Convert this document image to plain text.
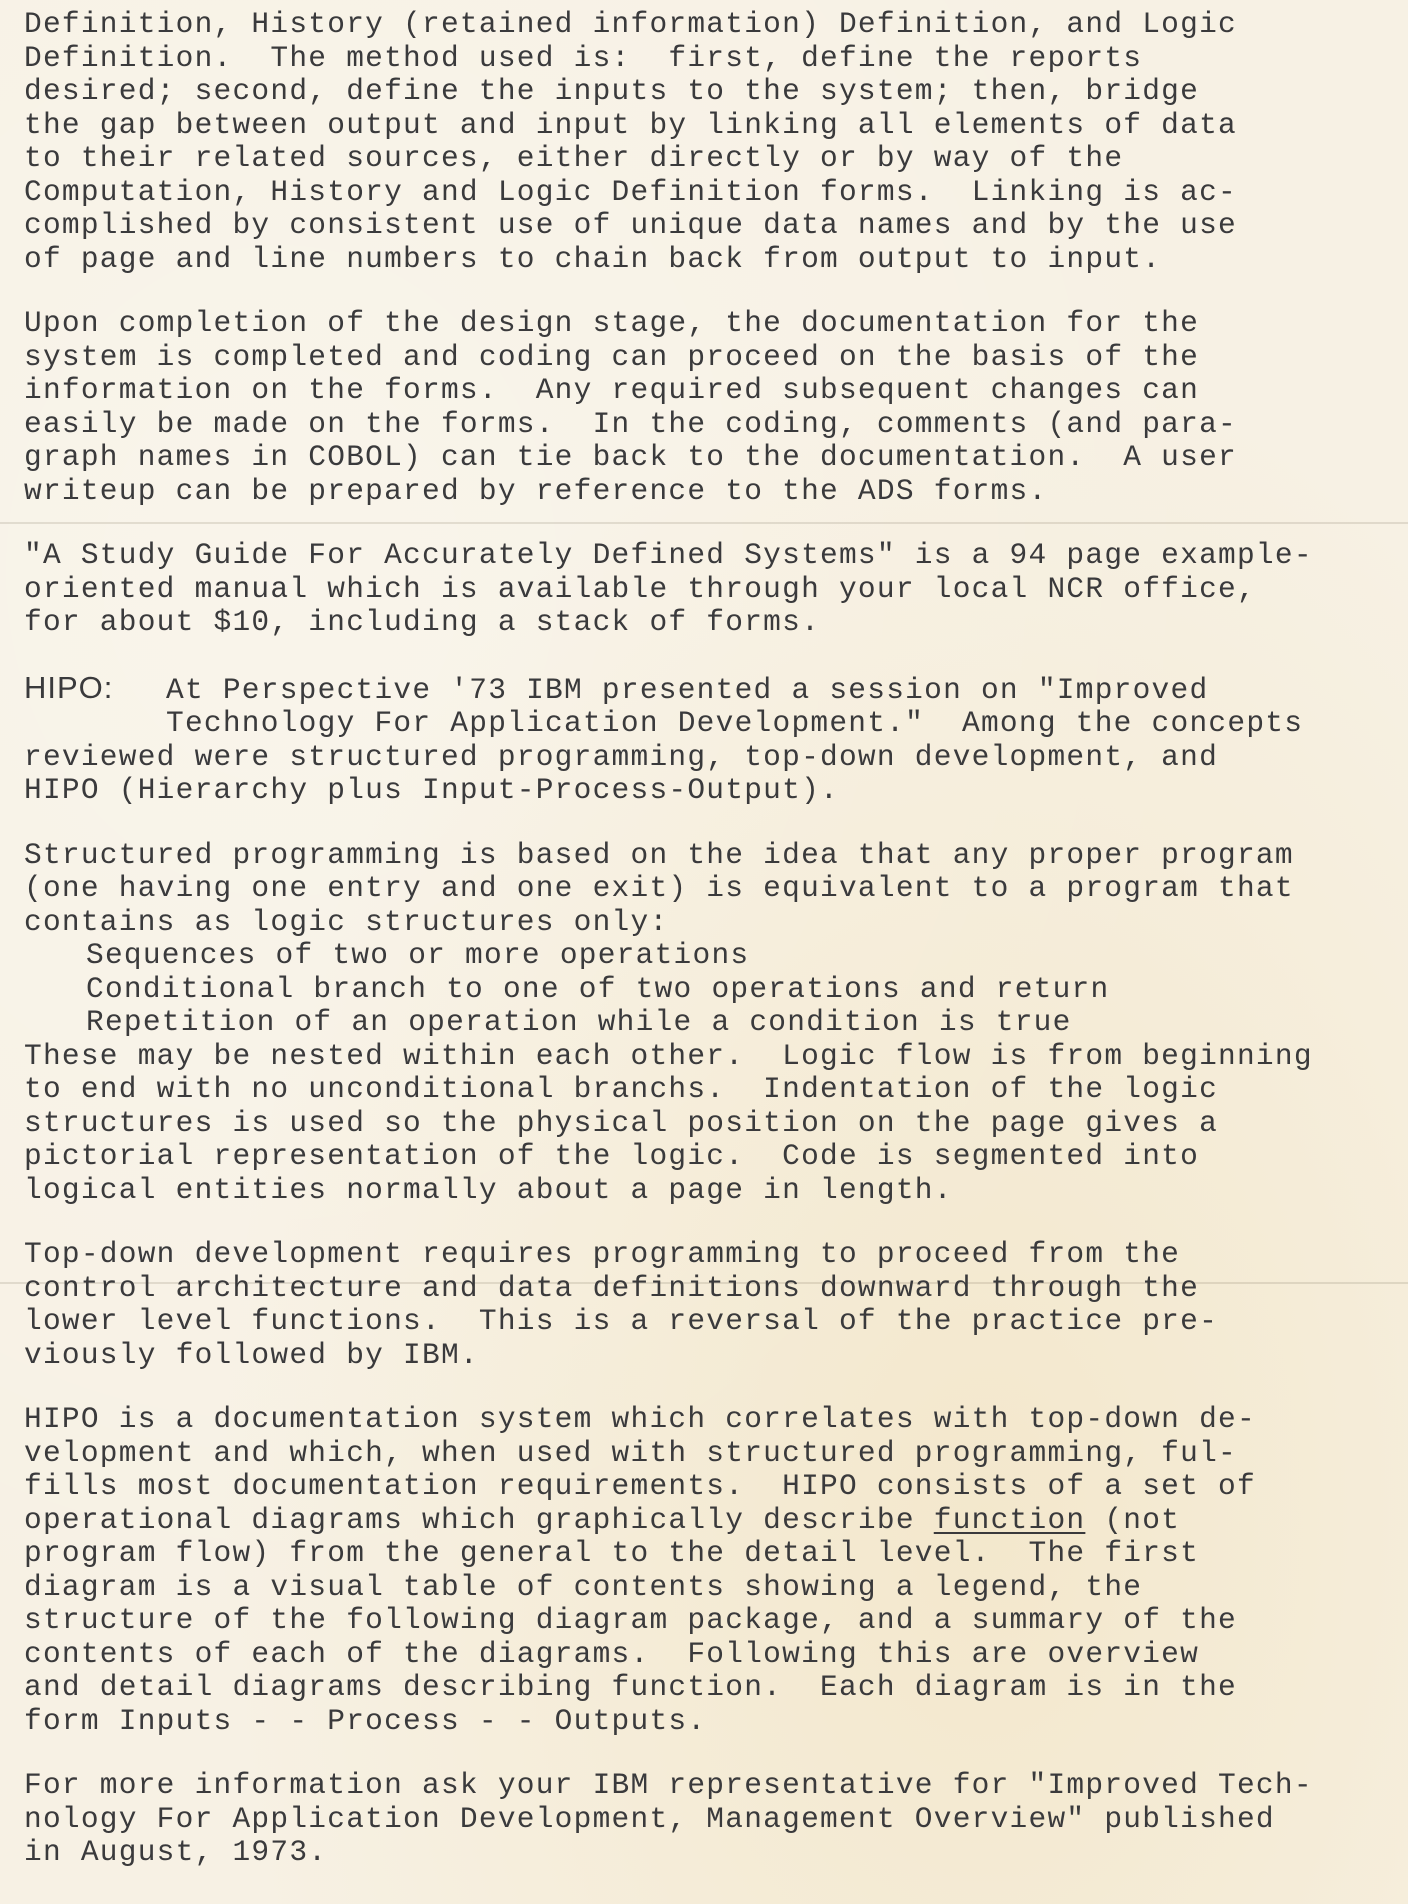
Definition, History (retained information) Definition, and Logic
Definition.  The method used is:  first, define the reports
desired; second, define the inputs to the system; then, bridge
the gap between output and input by linking all elements of data
to their related sources, either directly or by way of the
Computation, History and Logic Definition forms.  Linking is ac-
complished by consistent use of unique data names and by the use
of page and line numbers to chain back from output to input.
Upon completion of the design stage, the documentation for the
system is completed and coding can proceed on the basis of the
information on the forms.  Any required subsequent changes can
easily be made on the forms.  In the coding, comments (and para-
graph names in COBOL) can tie back to the documentation.  A user
writeup can be prepared by reference to the ADS forms.
"A Study Guide For Accurately Defined Systems" is a 94 page example-
oriented manual which is available through your local NCR office,
for about $10, including a stack of forms.
HIPO: At Perspective '73 IBM presented a session on "Improved
Technology For Application Development."  Among the concepts
reviewed were structured programming, top-down development, and
HIPO (Hierarchy plus Input-Process-Output).
Structured programming is based on the idea that any proper program
(one having one entry and one exit) is equivalent to a program that
contains as logic structures only:
Sequences of two or more operations
Conditional branch to one of two operations and return
Repetition of an operation while a condition is true
These may be nested within each other.  Logic flow is from beginning
to end with no unconditional branchs.  Indentation of the logic
structures is used so the physical position on the page gives a
pictorial representation of the logic.  Code is segmented into
logical entities normally about a page in length.
Top-down development requires programming to proceed from the
control architecture and data definitions downward through the
lower level functions.  This is a reversal of the practice pre-
viously followed by IBM.
HIPO is a documentation system which correlates with top-down de-
velopment and which, when used with structured programming, ful-
fills most documentation requirements.  HIPO consists of a set of
operational diagrams which graphically describe function (not
program flow) from the general to the detail level.  The first
diagram is a visual table of contents showing a legend, the
structure of the following diagram package, and a summary of the
contents of each of the diagrams.  Following this are overview
and detail diagrams describing function.  Each diagram is in the
form Inputs - - Process - - Outputs.
For more information ask your IBM representative for "Improved Tech-
nology For Application Development, Management Overview" published
in August, 1973.
